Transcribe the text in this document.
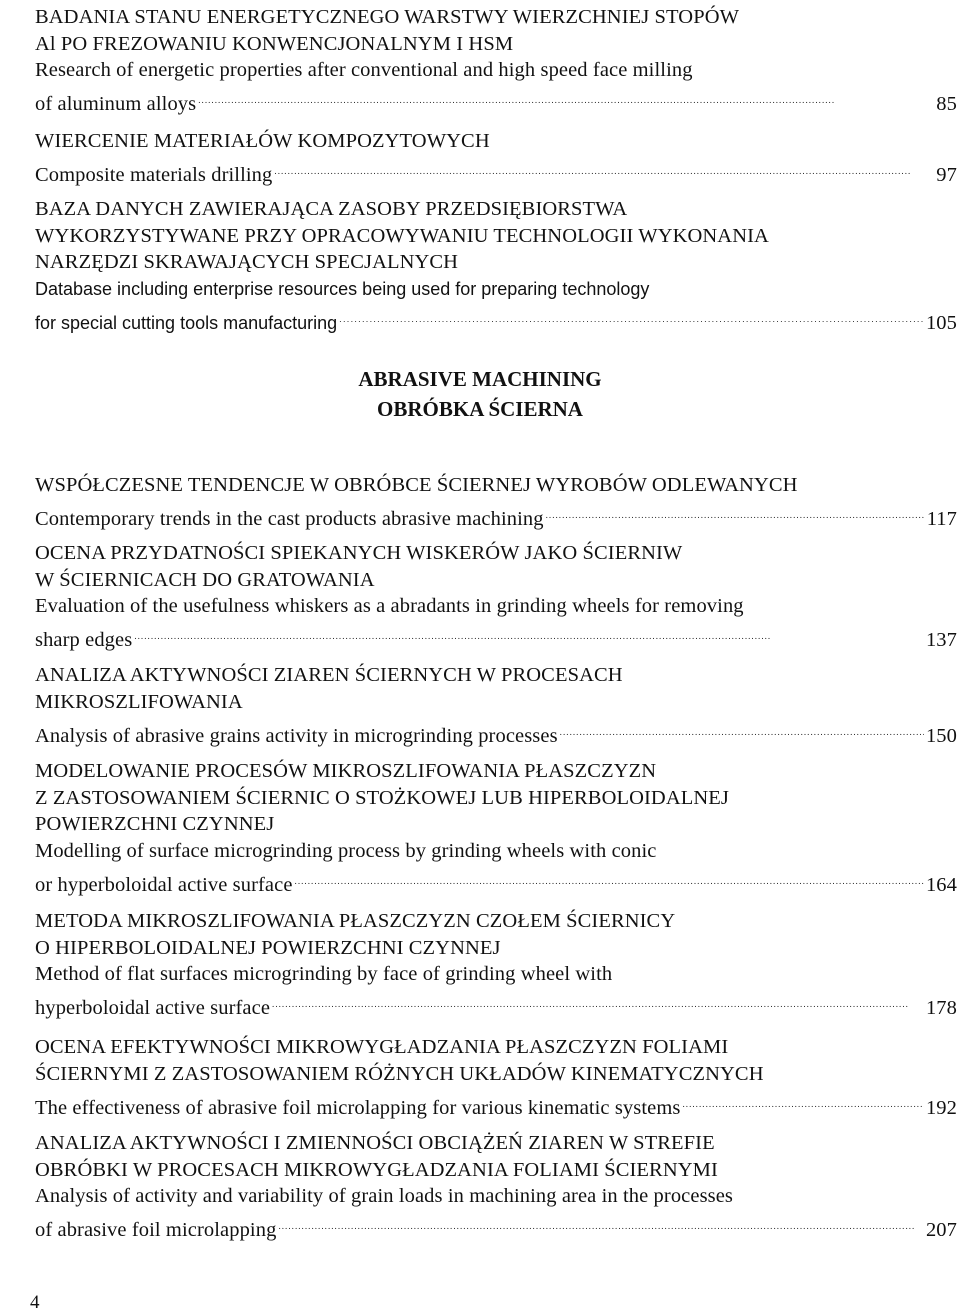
BADANIA STANU ENERGETYCZNEGO WARSTWY WIERZCHNIEJ STOPÓW
Al PO FREZOWANIU KONWENCJONALNYM I HSM
Research of energetic properties after conventional and high speed face milling
of aluminum alloys . . .	85
WIERCENIE MATERIAŁÓW KOMPOZYTOWYCH
Composite materials drilling . . .	97
BAZA DANYCH ZAWIERAJĄCA ZASOBY PRZEDSIĘBIORSTWA
WYKORZYSTYWANE PRZY OPRACOWYWANIU TECHNOLOGII WYKONANIA
NARZĘDZI SKRAWAJĄCYCH SPECJALNYCH
Database including enterprise resources being used for preparing technology
for special cutting tools manufacturing . . .	105
ABRASIVE MACHINING
OBRÓBKA ŚCIERNA
WSPÓŁCZESNE TENDENCJE W OBRÓBCE ŚCIERNEJ WYROBÓW ODLEWANYCH
Contemporary trends in the cast products abrasive machining . . .	117
OCENA PRZYDATNOŚCI SPIEKANYCH WISKERÓW JAKO ŚCIERNIW
W ŚCIERNICACH DO GRATOWANIA
Evaluation of the usefulness whiskers as a abradants in grinding wheels for removing
sharp edges . . .	137
ANALIZA AKTYWNOŚCI ZIAREN ŚCIERNYCH W PROCESACH
MIKROSZLIFOWANIA
Analysis of abrasive grains activity in microgrinding processes . . .	150
MODELOWANIE PROCESÓW MIKROSZLIFOWANIA PŁASZCZYZN
Z ZASTOSOWANIEM ŚCIERNIC O STOŻKOWEJ LUB HIPERBOLOIDALNEJ
POWIERZCHNI CZYNNEJ
Modelling of surface microgrinding process by grinding wheels with conic
or hyperboloidal active surface . . .	164
METODA MIKROSZLIFOWANIA PŁASZCZYZN CZOŁEM ŚCIERNICY
O HIPERBOLOIDALNEJ POWIERZCHNI CZYNNEJ
Method of flat surfaces microgrinding by face of grinding wheel with
hyperboloidal active surface . . .	178
OCENA EFEKTYWNOŚCI MIKROWYGŁADZANIA PŁASZCZYZN FOLIAMI
ŚCIERNYMI Z ZASTOSOWANIEM RÓŻNYCH UKŁADÓW KINEMATYCZNYCH
The effectiveness of abrasive foil microlapping for various kinematic systems . . .	192
ANALIZA AKTYWNOŚCI I ZMIENNOŚCI OBCIĄŻEŃ ZIAREN W STREFIE
OBRÓBKI W PROCESACH MIKROWYGŁADZANIA FOLIAMI ŚCIERNYMI
Analysis of activity and variability of grain loads in machining area in the processes
of abrasive foil microlapping . . .	207
4
